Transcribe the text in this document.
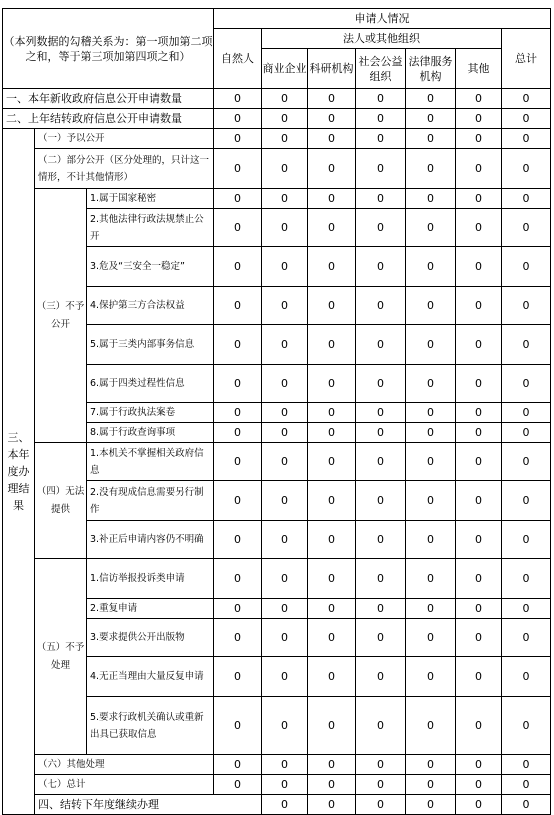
（本列数据的勾稽关系为：第一项加第二项之和，等于第三项加第四项之和）			申请人情况							
			自然人	法人或其他组织					总计	
				商业企业	科研机构	社会公益组织	法律服务机构	其他		
一、本年新收政府信息公开申请数量			0	0	0	0	0	0	0	
二、上年结转政府信息公开申请数量			0	0	0	0	0	0	0	
三、本年度办理结果	（一）予以公开		0	0	0	0	0	0	0	
	（二）部分公开（区分处理的，只计这一情形，不计其他情形）		0	0	0	0	0	0	0	
	（三）不予公开	1.属于国家秘密	0	0	0	0	0	0	0	
		2.其他法律行政法规禁止公开	0	0	0	0	0	0	0	
		3.危及“三安全一稳定”	0	0	0	0	0	0	0	
		4.保护第三方合法权益	0	0	0	0	0	0	0	
		5.属于三类内部事务信息	0	0	0	0	0	0	0	
		6.属于四类过程性信息	0	0	0	0	0	0	0	
		7.属于行政执法案卷	0	0	0	0	0	0	0	
		8.属于行政查询事项	0	0	0	0	0	0	0	
	（四）无法提供	1.本机关不掌握相关政府信息	0	0	0	0	0	0	0	
		2.没有现成信息需要另行制作	0	0	0	0	0	0	0	
		3.补正后申请内容仍不明确	0	0	0	0	0	0	0	
	（五）不予处理	1.信访举报投诉类申请	0	0	0	0	0	0	0	
		2.重复申请	0	0	0	0	0	0	0	
		3.要求提供公开出版物	0	0	0	0	0	0	0	
		4.无正当理由大量反复申请	0	0	0	0	0	0	0	
		5.要求行政机关确认或重新出具已获取信息	0	0	0	0	0	0	0	
	（六）其他处理		0	0	0	0	0	0	0	
	（七）总计		0	0	0	0	0	0	0	
	四、结转下年度继续办理			0	0	0	0	0	0	
